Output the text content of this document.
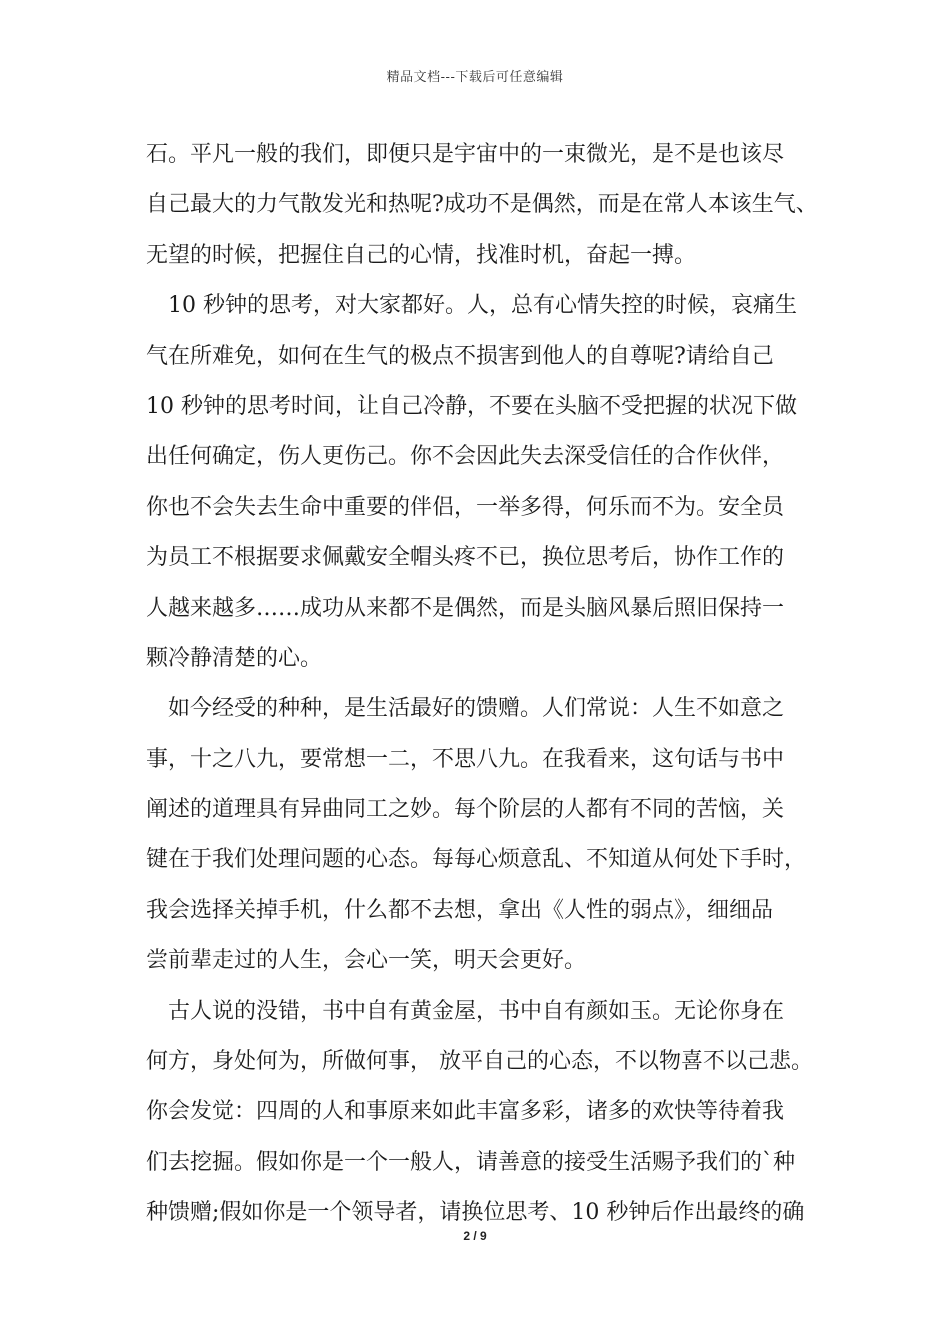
精品文档---下载后可任意编辑
石。平凡一般的我们，即便只是宇宙中的一束微光，是不是也该尽
自己最大的力气散发光和热呢?成功不是偶然，而是在常人本该生气、
无望的时候，把握住自己的心情，找准时机，奋起一搏。
10 秒钟的思考，对大家都好。人，总有心情失控的时候，哀痛生
气在所难免，如何在生气的极点不损害到他人的自尊呢?请给自己
10 秒钟的思考时间，让自己冷静，不要在头脑不受把握的状况下做
出任何确定，伤人更伤己。你不会因此失去深受信任的合作伙伴，
你也不会失去生命中重要的伴侣，一举多得，何乐而不为。安全员
为员工不根据要求佩戴安全帽头疼不已，换位思考后，协作工作的
人越来越多……成功从来都不是偶然，而是头脑风暴后照旧保持一
颗冷静清楚的心。
如今经受的种种，是生活最好的馈赠。人们常说：人生不如意之
事，十之八九，要常想一二，不思八九。在我看来，这句话与书中
阐述的道理具有异曲同工之妙。每个阶层的人都有不同的苦恼，关
键在于我们处理问题的心态。每每心烦意乱、不知道从何处下手时，
我会选择关掉手机，什么都不去想，拿出《人性的弱点》，细细品
尝前辈走过的人生，会心一笑，明天会更好。
古人说的没错，书中自有黄金屋，书中自有颜如玉。无论你身在
何方，身处何为，所做何事， 放平自己的心态，不以物喜不以己悲。
你会发觉：四周的人和事原来如此丰富多彩，诸多的欢快等待着我
们去挖掘。假如你是一个一般人，请善意的接受生活赐予我们的`种
种馈赠;假如你是一个领导者，请换位思考、10 秒钟后作出最终的确
2 / 9
